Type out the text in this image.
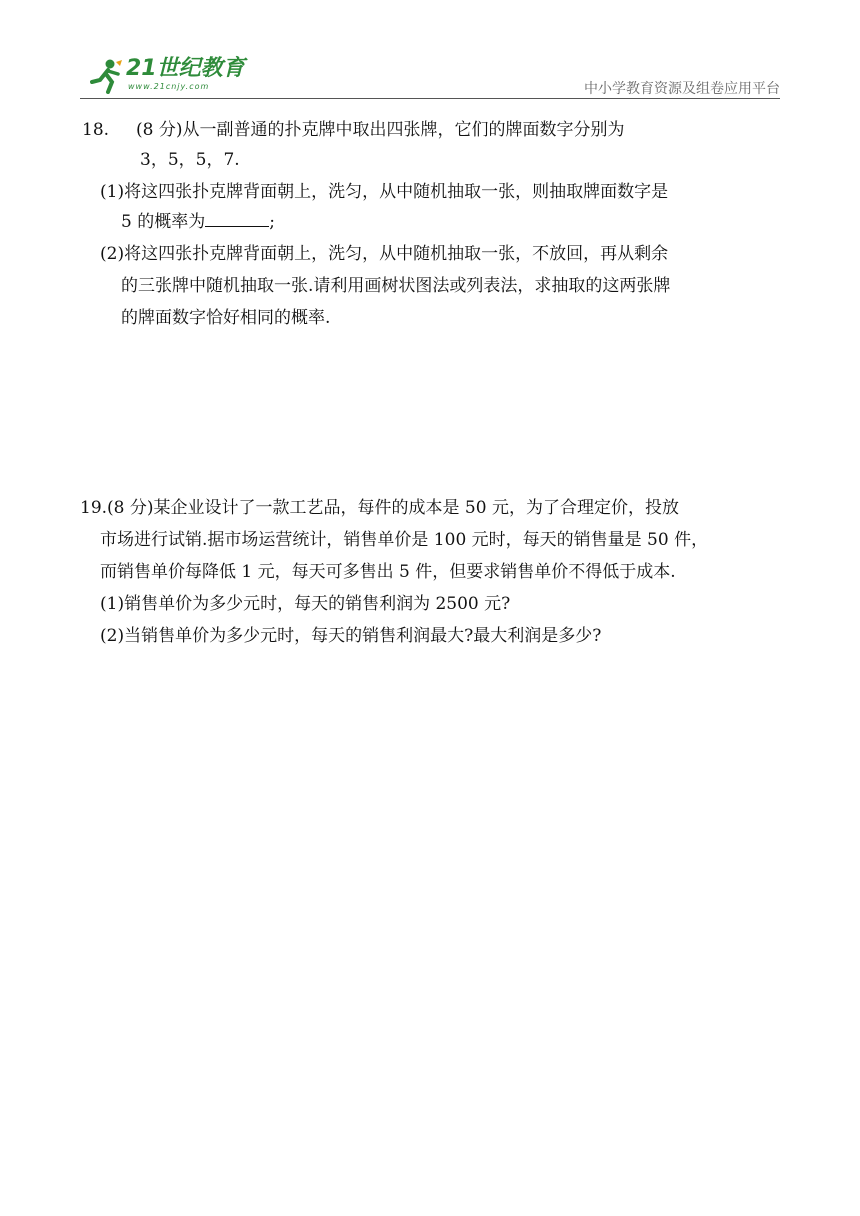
21世纪教育
www.21cnjy.com	中小学教育资源及组卷应用平台
18. (8 分)从一副普通的扑克牌中取出四张牌，它们的牌面数字分别为
3，5，5，7.
(1)将这四张扑克牌背面朝上，洗匀，从中随机抽取一张，则抽取牌面数字是
5 的概率为	;
(2)将这四张扑克牌背面朝上，洗匀，从中随机抽取一张，不放回，再从剩余
的三张牌中随机抽取一张.请利用画树状图法或列表法，求抽取的这两张牌
的牌面数字恰好相同的概率.
19.(8 分)某企业设计了一款工艺品，每件的成本是 50 元，为了合理定价，投放
市场进行试销.据市场运营统计，销售单价是 100 元时，每天的销售量是 50 件，
而销售单价每降低 1 元，每天可多售出 5 件，但要求销售单价不得低于成本.
(1)销售单价为多少元时，每天的销售利润为 2500 元?
(2)当销售单价为多少元时，每天的销售利润最大?最大利润是多少?
